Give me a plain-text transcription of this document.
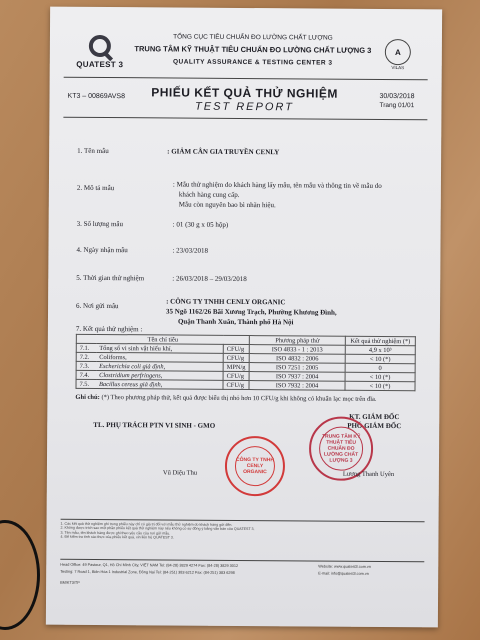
QUATEST 3
TỔNG CỤC TIÊU CHUẨN ĐO LƯỜNG CHẤT LƯỢNG
TRUNG TÂM KỸ THUẬT TIÊU CHUẨN ĐO LƯỜNG CHẤT LƯỢNG 3
QUALITY ASSURANCE & TESTING CENTER 3
A
VILAS
KT3 – 00869AVS8	PHIẾU KẾT QUẢ THỬ NGHIỆM
TEST REPORT
30/03/2018
Trang 01/01
1. Tên mẫu	: GIẢM CÂN GIA TRUYỀN CENLY
2. Mô tả mẫu	: Mẫu thử nghiệm do khách hàng lấy mẫu, tên mẫu và thông tin về mẫu do
khách hàng cung cấp.
Mẫu còn nguyên bao bì nhãn hiệu.
3. Số lượng mẫu	: 01 (30 g x 05 hộp)
4. Ngày nhận mẫu	: 23/03/2018
5. Thời gian thử nghiệm	: 26/03/2018 – 29/03/2018
6. Nơi gửi mẫu	: CÔNG TY TNHH CENLY ORGANIC
35 Ngõ 1162/26 Bãi Xương Trạch, Phường Khương Đình,
Quận Thanh Xuân, Thành phố Hà Nội
7. Kết quả thử nghiệm :
Tên chỉ tiêu			Phương pháp thử	Kết quả thử nghiệm (*)
7.1.	Tổng số vi sinh vật hiếu khí,	CFU/g	ISO 4833 - 1 : 2013	4,9 x 10³
7.2.	Coliforms,	CFU/g	ISO 4832 : 2006	< 10 (*)
7.3.	Escherichia coli giả định,	MPN/g	ISO 7251 : 2005	0
7.4.	Clostridium perfringens,	CFU/g	ISO 7937 : 2004	< 10 (*)
7.5.	Bacillus cereus giả định,	CFU/g	ISO 7932 : 2004	< 10 (*)
Ghi chú: (*) Theo phương pháp thử, kết quả được biểu thị nhỏ hơn 10 CFU/g khi không có khuẩn lạc mọc trên đĩa.
TL. PHỤ TRÁCH PTN VI SINH - GMO
KT. GIÁM ĐỐC
PHÓ GIÁM ĐỐC
CÔNG TY TNHH CENLY ORGANIC
TRUNG TÂM KỸ THUẬT TIÊU CHUẨN ĐO LƯỜNG CHẤT LƯỢNG 3
Vũ Diệu Thu	Lương Thanh Uyên
1. Các kết quả thử nghiệm ghi trong phiếu này chỉ có giá trị đối với mẫu thử nghiệm do khách hàng gửi đến.
2. Không được trích sao một phần phiếu kết quả thử nghiệm này nếu không có sự đồng ý bằng văn bản của QUATEST 3.
3. Tên mẫu, tên khách hàng được ghi theo yêu cầu của nơi gửi mẫu.
4. Để kiểm tra tính xác thực của phiếu kết quả, xin liên hệ QUATEST 3.
Head Office: 49 Pasteur, Q1, Hồ Chí Minh City, VIỆT NAM Tel: (84-28) 3829 4274 Fax: (84-28) 3829 3012
Testing: 7 Road 1, Biên Hòa 1 Industrial Zone, Đồng Nai Tel: (84-251) 383 6212 Fax: (84-251) 383 6298
Website: www.quatest3.com.vn
E-mail: info@quatest3.com.vn
BM/KT3/TP
